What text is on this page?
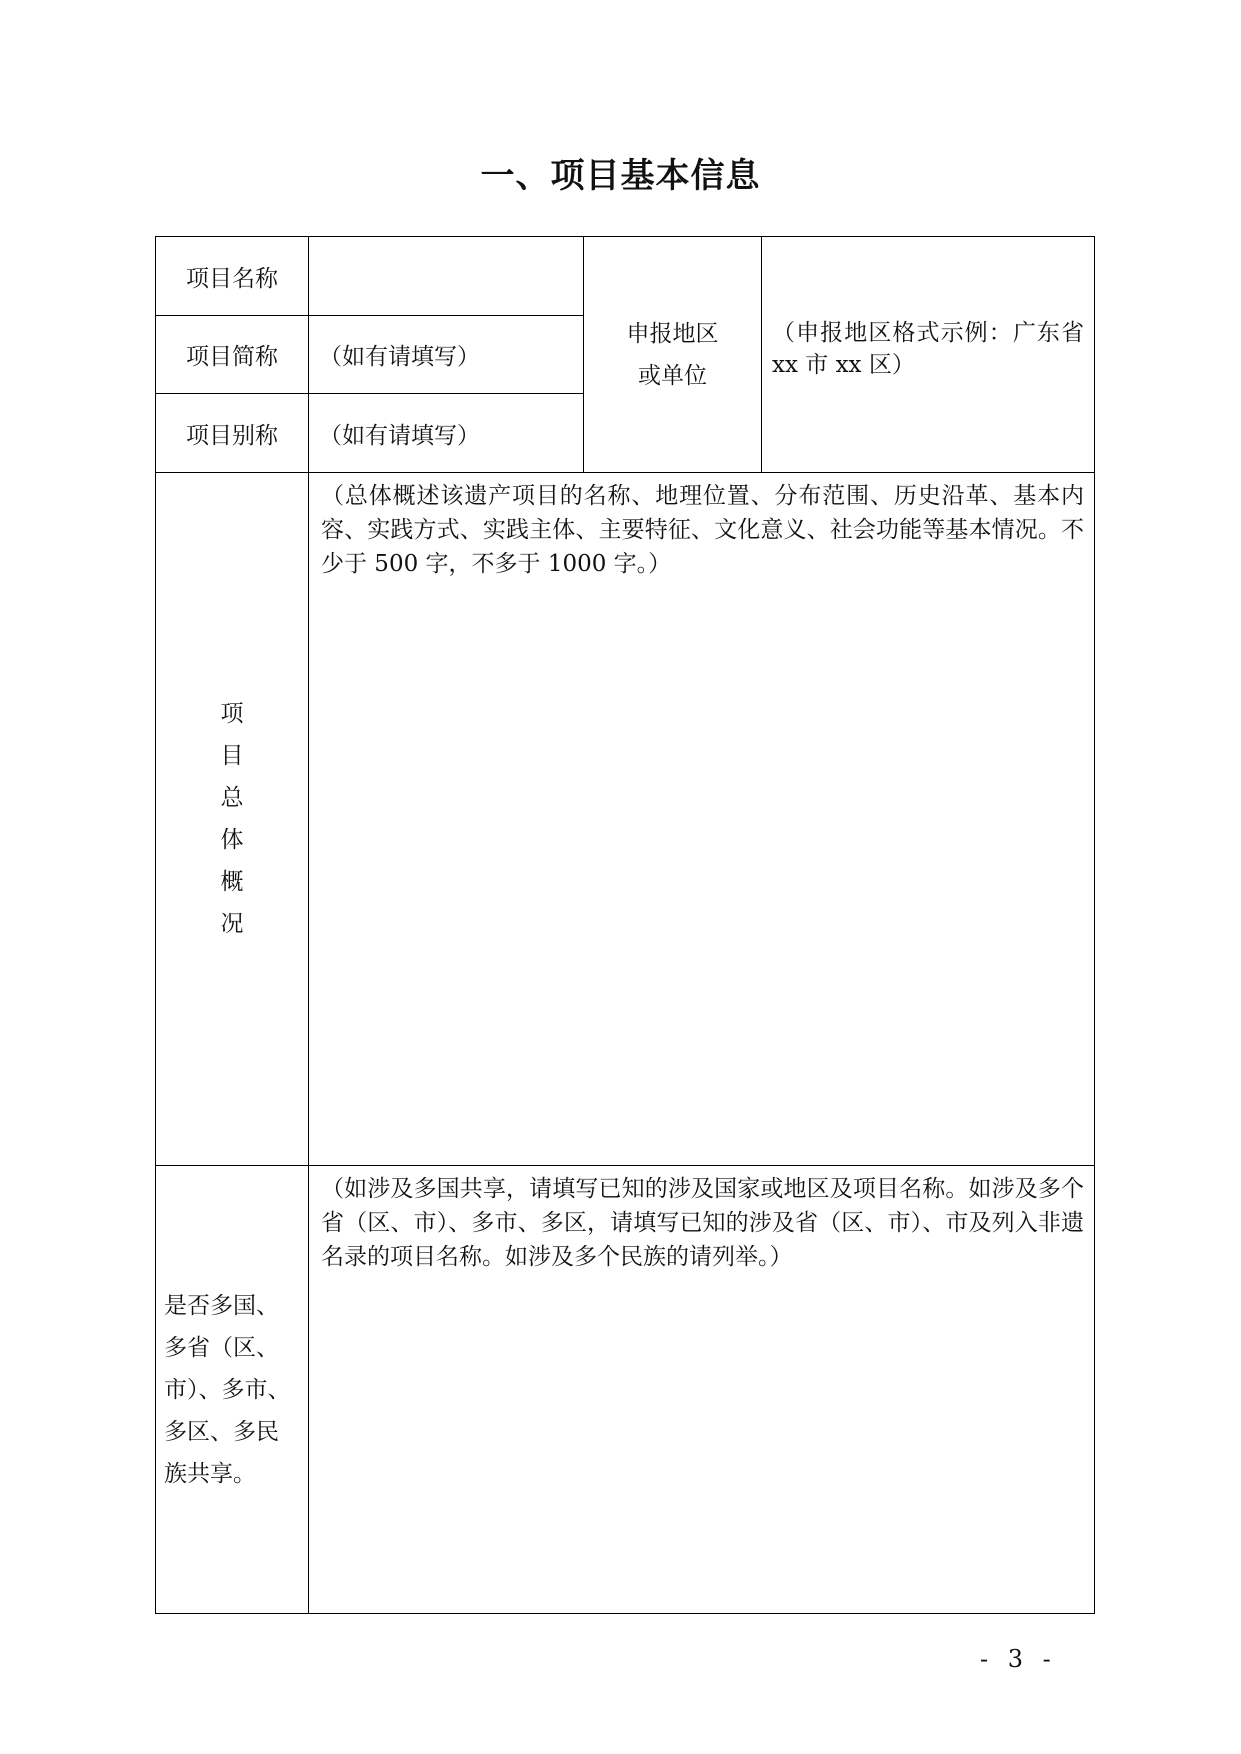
一、项目基本信息
项目名称
项目简称	（如有请填写）
项目别称	（如有请填写）
申报地区
或单位
（申报地区格式示例：广东省 xx 市 xx 区）
项
目
总
体
概
况
（总体概述该遗产项目的名称、地理位置、分布范围、历史沿革、基本内容、实践方式、实践主体、主要特征、文化意义、社会功能等基本情况。不少于 500 字，不多于 1000 字。）
是否多国、多省（区、市）、多市、多区、多民族共享。
（如涉及多国共享，请填写已知的涉及国家或地区及项目名称。如涉及多个省（区、市）、多市、多区，请填写已知的涉及省（区、市）、市及列入非遗名录的项目名称。如涉及多个民族的请列举。）
- 3 -
